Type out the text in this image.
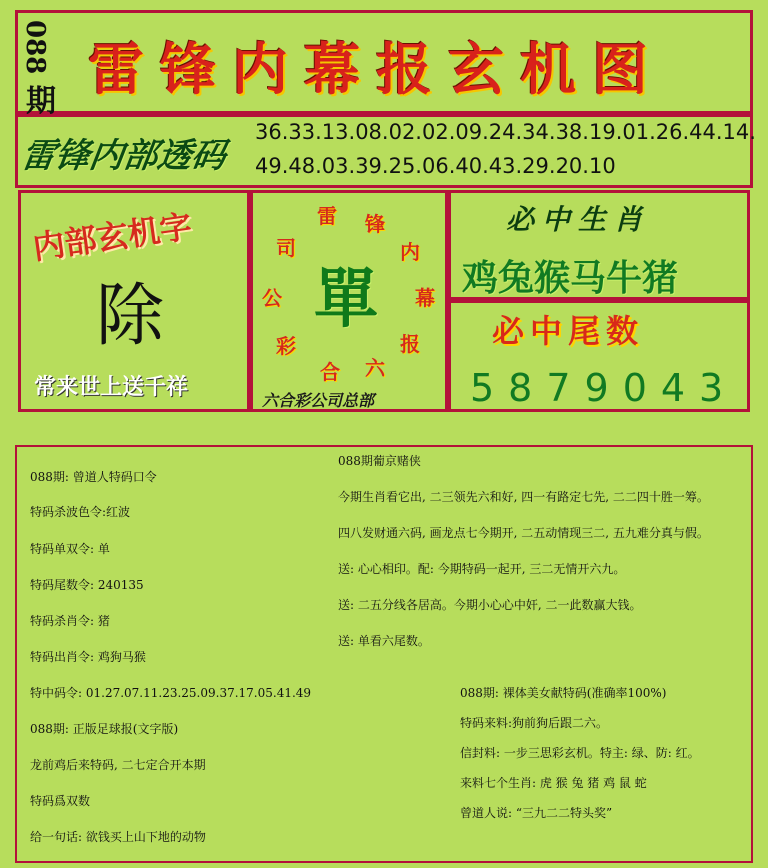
088
期 雷 锋 内 幕 报 玄 机 图
雷锋内部透码
36.33.13.08.02.02.09.24.34.38.19.01.26.44.14.
49.48.03.39.25.06.40.43.29.20.10
内部玄机字
除
常来世上送千祥
雷 锋
内
幕
报
六
合
彩
公
司
單
六合彩公司总部
必中生肖
鸡兔猴马牛猪
必中尾数
5879043
088期: 曾道人特码口令
特码杀波色令:红波
特码单双令: 单
特码尾数令: 240135
特码杀肖令: 猪
特码出肖令: 鸡狗马猴
特中码令: 01.27.07.11.23.25.09.37.17.05.41.49
088期: 正版足球报(文字版)
龙前鸡后来特码, 二七定合开本期
特码爲双数
给一句话: 欲钱买上山下地的动物
088期葡京赌侠
今期生肖看它出, 二三领先六和好, 四一有路定七先, 二二四十胜一筹。
四八发财通六码, 画龙点七今期开, 二五动情现三二, 五九难分真与假。
送: 心心相印。配: 今期特码一起开, 三二无情开六九。
送: 二五分线各居高。今期小心心中奸, 二一此数赢大钱。
送: 单看六尾数。
088期: 裸体美女献特码(准确率100%)
特码来料:狗前狗后跟二六。
信封料: 一步三思彩玄机。特主: 绿、防: 红。
来料七个生肖: 虎 猴 兔 猪 鸡 鼠 蛇
曾道人说: “三九二二特头奖”
